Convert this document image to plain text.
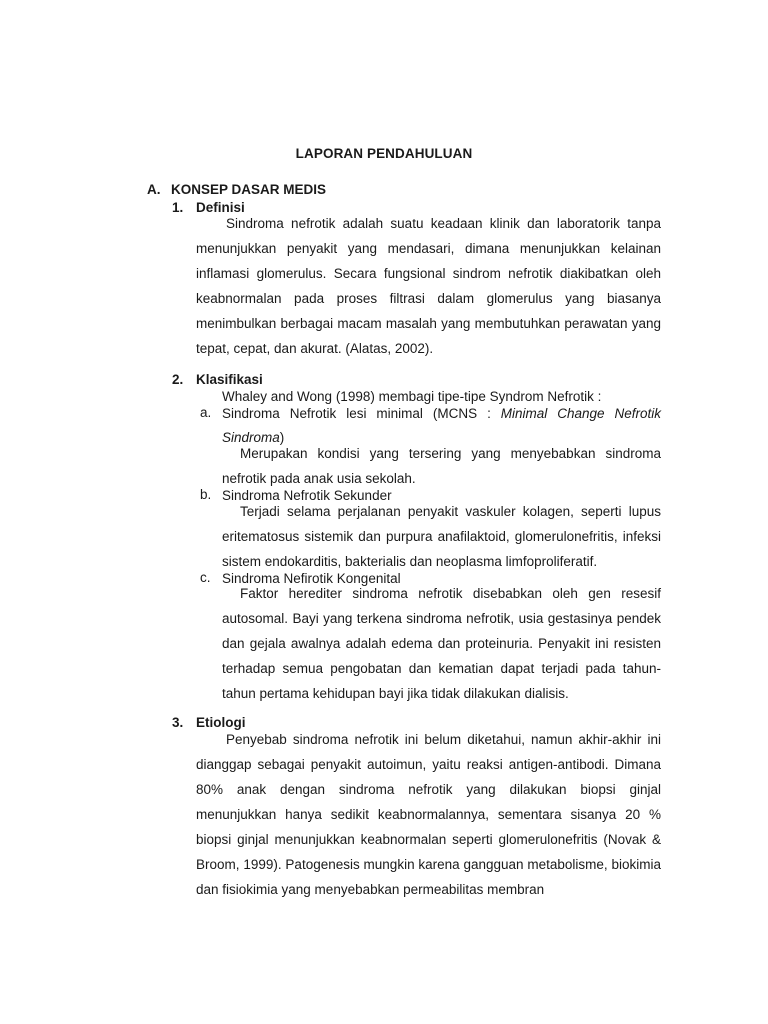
LAPORAN PENDAHULUAN
A. KONSEP DASAR MEDIS
1. Definisi

Sindroma nefrotik adalah suatu keadaan klinik dan laboratorik tanpa menunjukkan penyakit yang mendasari, dimana menunjukkan kelainan inflamasi glomerulus. Secara fungsional sindrom nefrotik diakibatkan oleh keabnormalan pada proses filtrasi dalam glomerulus yang biasanya menimbulkan berbagai macam masalah yang membutuhkan perawatan yang tepat, cepat, dan akurat. (Alatas, 2002).

2. Klasifikasi

Whaley and Wong (1998) membagi tipe-tipe Syndrom Nefrotik :

a. Sindroma Nefrotik lesi minimal (MCNS : Minimal Change Nefrotik Sindroma)

Merupakan kondisi yang tersering yang menyebabkan sindroma nefrotik pada anak usia sekolah.

b. Sindroma Nefrotik Sekunder

Terjadi selama perjalanan penyakit vaskuler kolagen, seperti lupus eritematosus sistemik dan purpura anafilaktoid, glomerulonefritis, infeksi sistem endokarditis, bakterialis dan neoplasma limfoproliferatif.

c. Sindroma Nefirotik Kongenital

Faktor herediter sindroma nefrotik disebabkan oleh gen resesif autosomal. Bayi yang terkena sindroma nefrotik, usia gestasinya pendek dan gejala awalnya adalah edema dan proteinuria. Penyakit ini resisten terhadap semua pengobatan dan kematian dapat terjadi pada tahun-tahun pertama kehidupan bayi jika tidak dilakukan dialisis.

3. Etiologi

Penyebab sindroma nefrotik ini belum diketahui, namun akhir-akhir ini dianggap sebagai penyakit autoimun, yaitu reaksi antigen-antibodi. Dimana 80% anak dengan sindroma nefrotik yang dilakukan biopsi ginjal menunjukkan hanya sedikit keabnormalannya, sementara sisanya 20 % biopsi ginjal menunjukkan keabnormalan seperti glomerulonefritis (Novak & Broom, 1999). Patogenesis mungkin karena gangguan metabolisme, biokimia dan fisiokimia yang menyebabkan permeabilitas membran
